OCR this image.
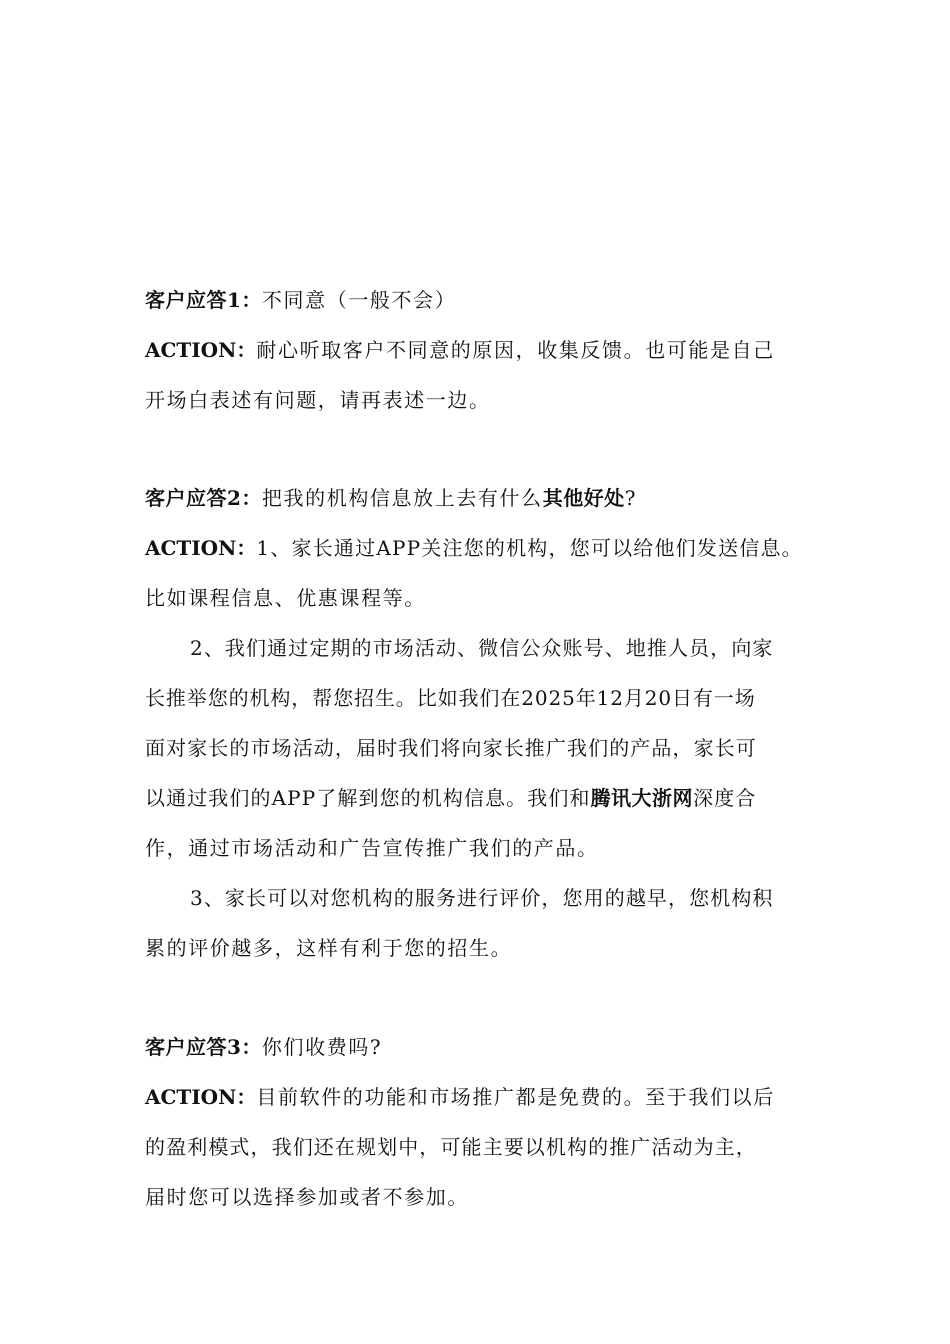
客户应答1：不同意（一般不会）
ACTION：耐心听取客户不同意的原因，收集反馈。也可能是自己
开场白表述有问题，请再表述一边。
客户应答2：把我的机构信息放上去有什么其他好处?
ACTION：1、家长通过APP关注您的机构，您可以给他们发送信息。
比如课程信息、优惠课程等。
2、我们通过定期的市场活动、微信公众账号、地推人员，向家
长推举您的机构，帮您招生。比如我们在2025年12月20日有一场
面对家长的市场活动，届时我们将向家长推广我们的产品，家长可
以通过我们的APP了解到您的机构信息。我们和腾讯大浙网深度合
作，通过市场活动和广告宣传推广我们的产品。
3、家长可以对您机构的服务进行评价，您用的越早，您机构积
累的评价越多，这样有利于您的招生。
客户应答3：你们收费吗?
ACTION：目前软件的功能和市场推广都是免费的。至于我们以后
的盈利模式，我们还在规划中，可能主要以机构的推广活动为主，
届时您可以选择参加或者不参加。
